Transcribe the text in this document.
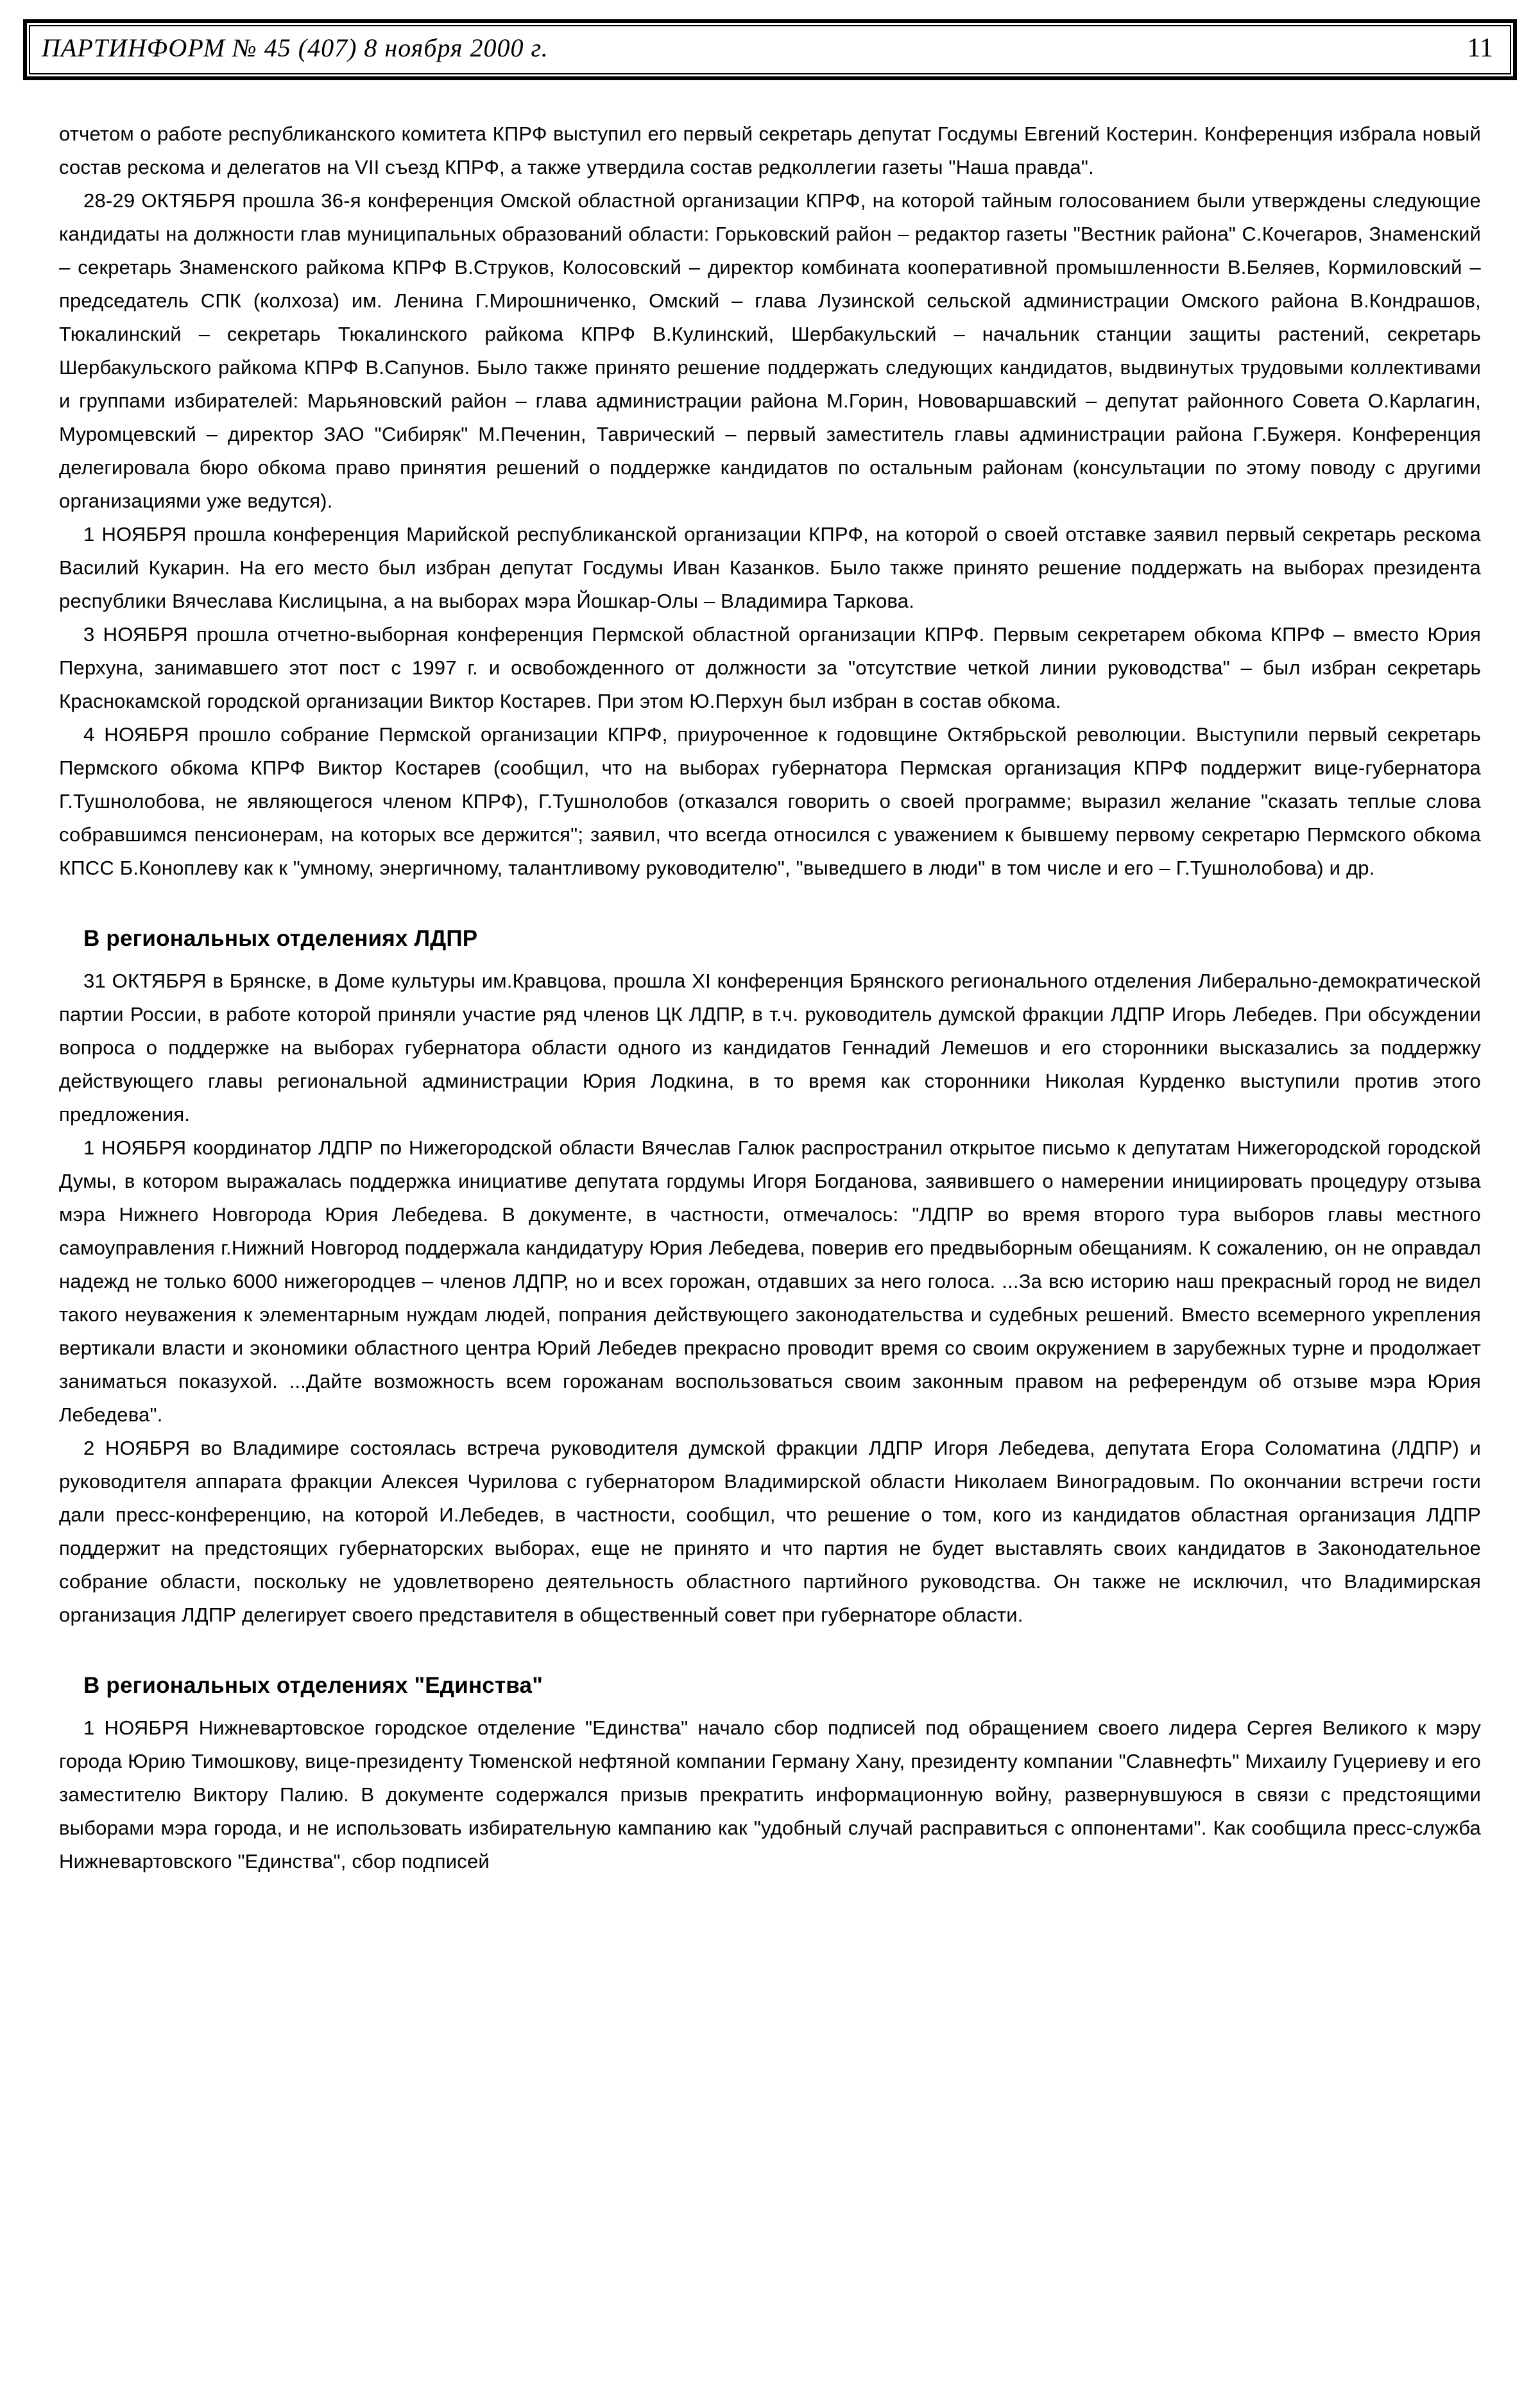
ПАРТИНФОРМ № 45 (407) 8 ноября 2000 г.	11

отчетом о работе республиканского комитета КПРФ выступил его первый секретарь депутат Госдумы Евгений Костерин. Конференция избрала новый состав рескома и делегатов на VII съезд КПРФ, а также утвердила состав редколлегии газеты "Наша правда".

28-29 ОКТЯБРЯ прошла 36-я конференция Омской областной организации КПРФ, на которой тайным голосованием были утверждены следующие кандидаты на должности глав муниципальных образований области: Горьковский район – редактор газеты "Вестник района" С.Кочегаров, Знаменский – секретарь Знаменского райкома КПРФ В.Струков, Колосовский – директор комбината кооперативной промышленности В.Беляев, Кормиловский – председатель СПК (колхоза) им. Ленина Г.Мирошниченко, Омский – глава Лузинской сельской администрации Омского района В.Кондрашов, Тюкалинский – секретарь Тюкалинского райкома КПРФ В.Кулинский, Шербакульский – начальник станции защиты растений, секретарь Шербакульского райкома КПРФ В.Сапунов. Было также принято решение поддержать следующих кандидатов, выдвинутых трудовыми коллективами и группами избирателей: Марьяновский район – глава администрации района М.Горин, Нововаршавский – депутат районного Совета О.Карлагин, Муромцевский – директор ЗАО "Сибиряк" М.Печенин, Таврический – первый заместитель главы администрации района Г.Бужеря. Конференция делегировала бюро обкома право принятия решений о поддержке кандидатов по остальным районам (консультации по этому поводу с другими организациями уже ведутся).

1 НОЯБРЯ прошла конференция Марийской республиканской организации КПРФ, на которой о своей отставке заявил первый секретарь рескома Василий Кукарин. На его место был избран депутат Госдумы Иван Казанков. Было также принято решение поддержать на выборах президента республики Вячеслава Кислицына, а на выборах мэра Йошкар-Олы – Владимира Таркова.

3 НОЯБРЯ прошла отчетно-выборная конференция Пермской областной организации КПРФ. Первым секретарем обкома КПРФ – вместо Юрия Перхуна, занимавшего этот пост с 1997 г. и освобожденного от должности за "отсутствие четкой линии руководства" – был избран секретарь Краснокамской городской организации Виктор Костарев. При этом Ю.Перхун был избран в состав обкома.

4 НОЯБРЯ прошло собрание Пермской организации КПРФ, приуроченное к годовщине Октябрьской революции. Выступили первый секретарь Пермского обкома КПРФ Виктор Костарев (сообщил, что на выборах губернатора Пермская организация КПРФ поддержит вице-губернатора Г.Тушнолобова, не являющегося членом КПРФ), Г.Тушнолобов (отказался говорить о своей программе; выразил желание "сказать теплые слова собравшимся пенсионерам, на которых все держится"; заявил, что всегда относился с уважением к бывшему первому секретарю Пермского обкома КПСС Б.Коноплеву как к "умному, энергичному, талантливому руководителю", "выведшего в люди" в том числе и его – Г.Тушнолобова) и др.

В региональных отделениях ЛДПР

31 ОКТЯБРЯ в Брянске, в Доме культуры им.Кравцова, прошла XI конференция Брянского регионального отделения Либерально-демократической партии России, в работе которой приняли участие ряд членов ЦК ЛДПР, в т.ч. руководитель думской фракции ЛДПР Игорь Лебедев. При обсуждении вопроса о поддержке на выборах губернатора области одного из кандидатов Геннадий Лемешов и его сторонники высказались за поддержку действующего главы региональной администрации Юрия Лодкина, в то время как сторонники Николая Курденко выступили против этого предложения.

1 НОЯБРЯ координатор ЛДПР по Нижегородской области Вячеслав Галюк распространил открытое письмо к депутатам Нижегородской городской Думы, в котором выражалась поддержка инициативе депутата гордумы Игоря Богданова, заявившего о намерении инициировать процедуру отзыва мэра Нижнего Новгорода Юрия Лебедева. В документе, в частности, отмечалось: "ЛДПР во время второго тура выборов главы местного самоуправления г.Нижний Новгород поддержала кандидатуру Юрия Лебедева, поверив его предвыборным обещаниям. К сожалению, он не оправдал надежд не только 6000 нижегородцев – членов ЛДПР, но и всех горожан, отдавших за него голоса. ...За всю историю наш прекрасный город не видел такого неуважения к элементарным нуждам людей, попрания действующего законодательства и судебных решений. Вместо всемерного укрепления вертикали власти и экономики областного центра Юрий Лебедев прекрасно проводит время со своим окружением в зарубежных турне и продолжает заниматься показухой. ...Дайте возможность всем горожанам воспользоваться своим законным правом на референдум об отзыве мэра Юрия Лебедева".

2 НОЯБРЯ во Владимире состоялась встреча руководителя думской фракции ЛДПР Игоря Лебедева, депутата Егора Соломатина (ЛДПР) и руководителя аппарата фракции Алексея Чурилова с губернатором Владимирской области Николаем Виноградовым. По окончании встречи гости дали пресс-конференцию, на которой И.Лебедев, в частности, сообщил, что решение о том, кого из кандидатов областная организация ЛДПР поддержит на предстоящих губернаторских выборах, еще не принято и что партия не будет выставлять своих кандидатов в Законодательное собрание области, поскольку не удовлетворено деятельность областного партийного руководства. Он также не исключил, что Владимирская организация ЛДПР делегирует своего представителя в общественный совет при губернаторе области.

В региональных отделениях "Единства"

1 НОЯБРЯ Нижневартовское городское отделение "Единства" начало сбор подписей под обращением своего лидера Сергея Великого к мэру города Юрию Тимошкову, вице-президенту Тюменской нефтяной компании Герману Хану, президенту компании "Славнефть" Михаилу Гуцериеву и его заместителю Виктору Палию. В документе содержался призыв прекратить информационную войну, развернувшуюся в связи с предстоящими выборами мэра города, и не использовать избирательную кампанию как "удобный случай расправиться с оппонентами". Как сообщила пресс-служба Нижневартовского "Единства", сбор подписей
